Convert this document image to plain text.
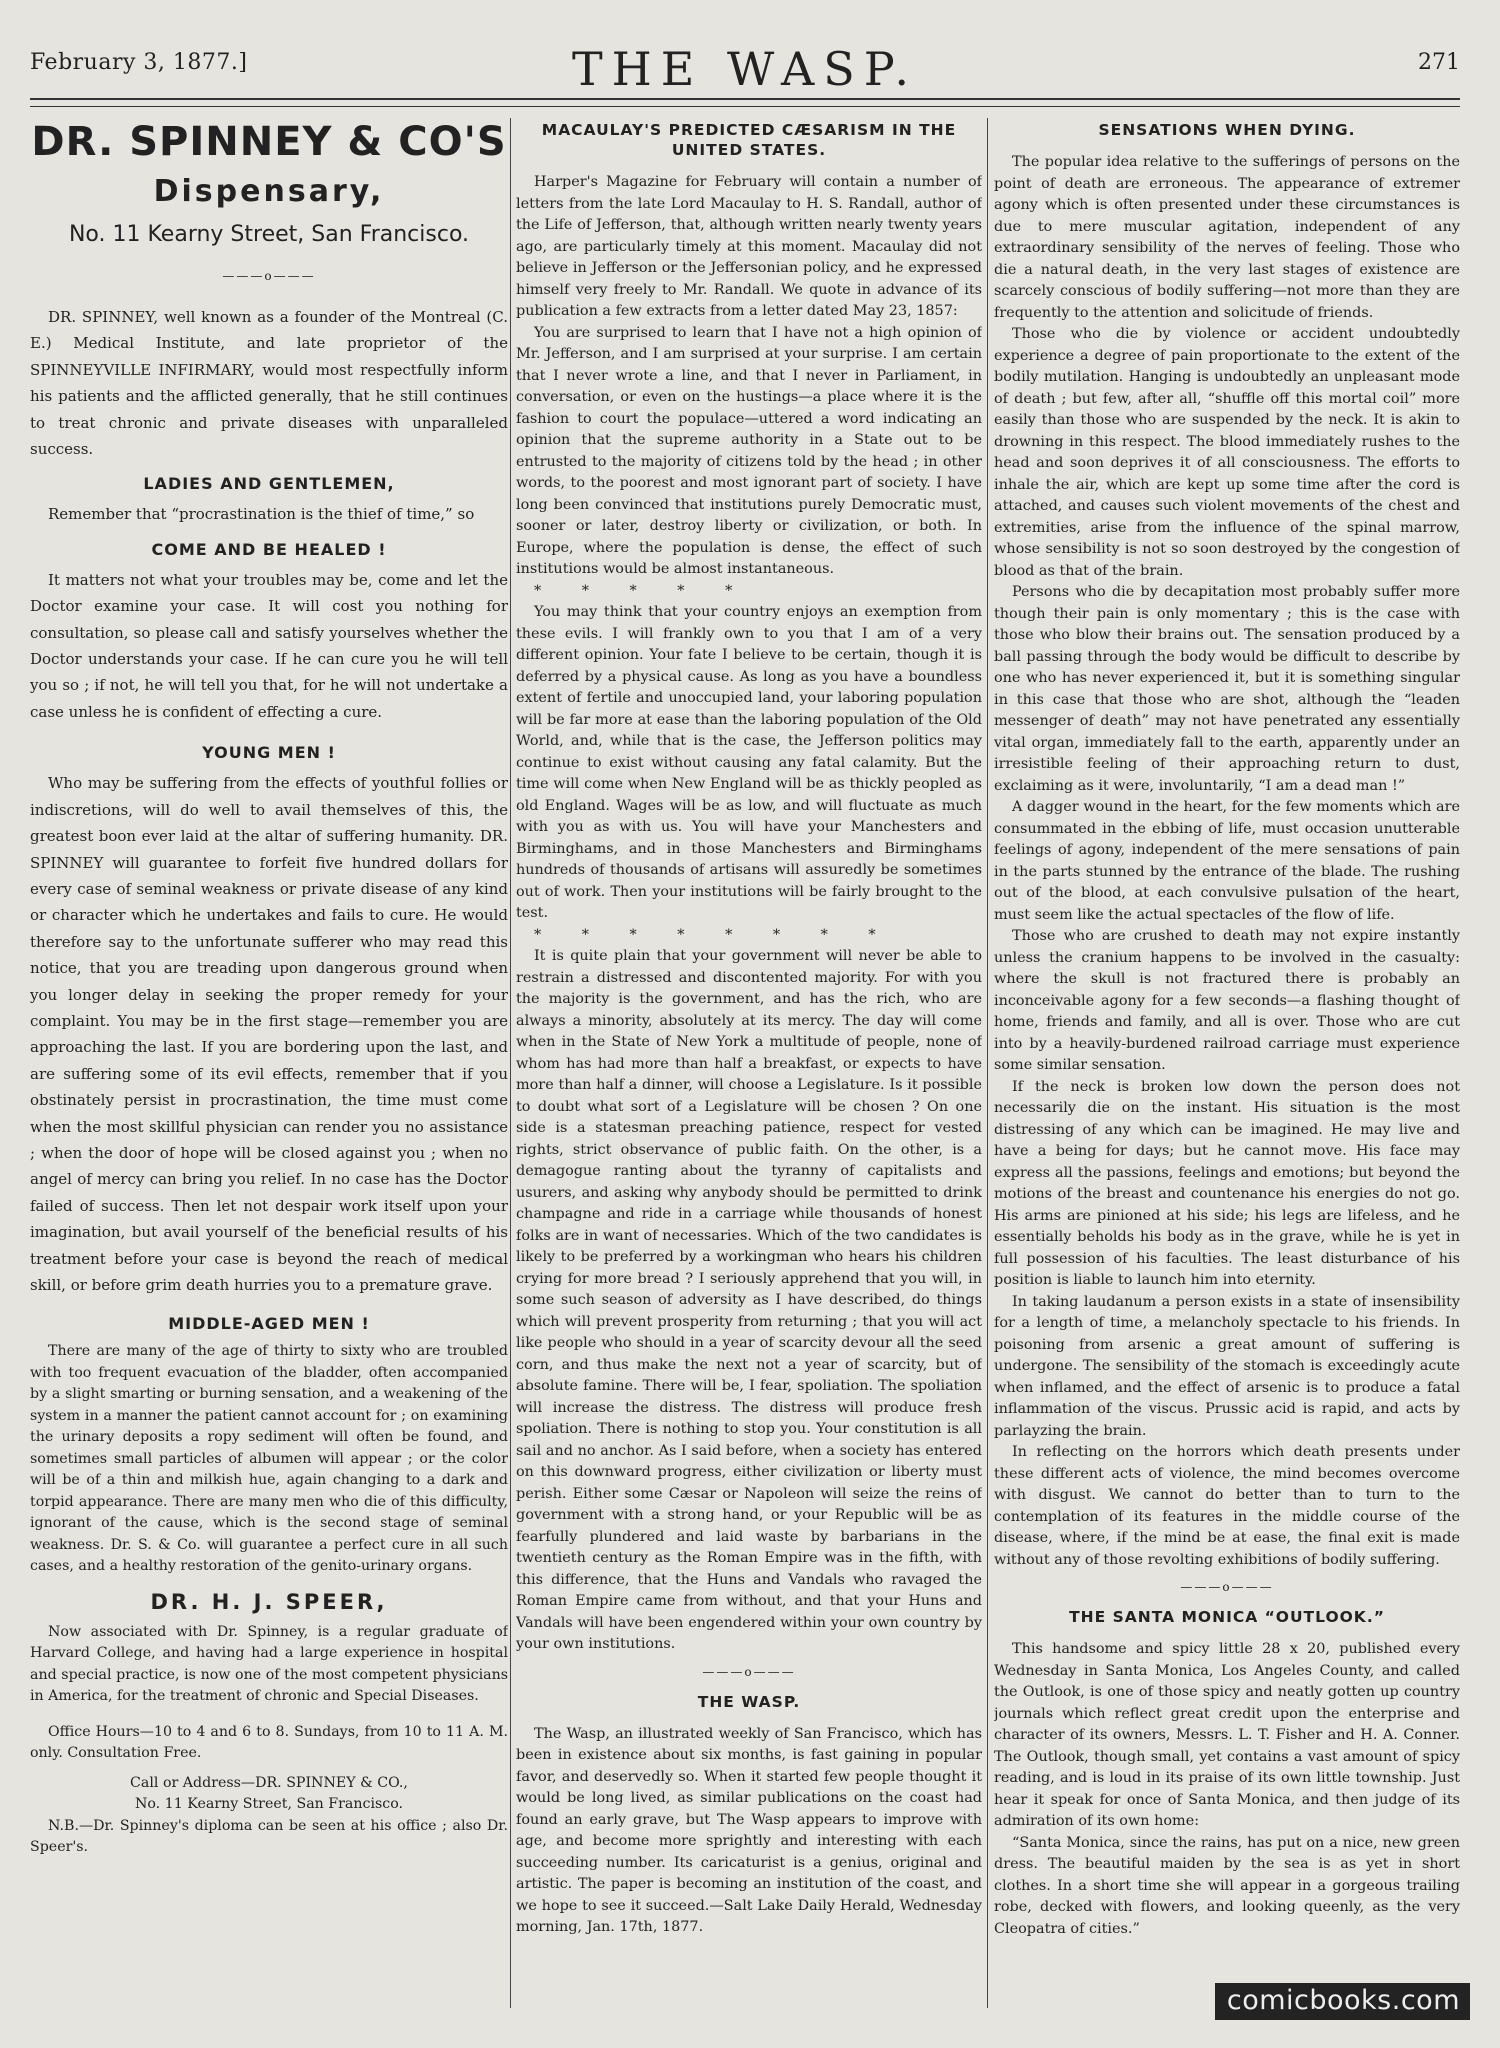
February 3, 1877.]	THE WASP.	271
DR. SPINNEY & CO'S
Dispensary,
No. 11 Kearny Street, San Francisco.
———o———

DR. SPINNEY, well known as a founder of the Montreal (C. E.) Medical Institute, and late proprietor of the SPINNEYVILLE INFIRMARY, would most respectfully inform his patients and the afflicted generally, that he still continues to treat chronic and private diseases with unparalleled success.

LADIES AND GENTLEMEN,

Remember that “procrastination is the thief of time,” so

COME AND BE HEALED !

It matters not what your troubles may be, come and let the Doctor examine your case. It will cost you nothing for consultation, so please call and satisfy yourselves whether the Doctor understands your case. If he can cure you he will tell you so ; if not, he will tell you that, for he will not undertake a case unless he is confident of effecting a cure.

YOUNG MEN !

Who may be suffering from the effects of youthful follies or indiscretions, will do well to avail themselves of this, the greatest boon ever laid at the altar of suffering humanity. DR. SPINNEY will guarantee to forfeit five hundred dollars for every case of seminal weakness or private disease of any kind or character which he undertakes and fails to cure. He would therefore say to the unfortunate sufferer who may read this notice, that you are treading upon dangerous ground when you longer delay in seeking the proper remedy for your complaint. You may be in the first stage—remember you are approaching the last. If you are bordering upon the last, and are suffering some of its evil effects, remember that if you obstinately persist in procrastination, the time must come when the most skillful physician can render you no assistance ; when the door of hope will be closed against you ; when no angel of mercy can bring you relief. In no case has the Doctor failed of success. Then let not despair work itself upon your imagination, but avail yourself of the beneficial results of his treatment before your case is beyond the reach of medical skill, or before grim death hurries you to a premature grave.

MIDDLE-AGED MEN !

There are many of the age of thirty to sixty who are troubled with too frequent evacuation of the bladder, often accompanied by a slight smarting or burning sensation, and a weakening of the system in a manner the patient cannot account for ; on examining the urinary deposits a ropy sediment will often be found, and sometimes small particles of albumen will appear ; or the color will be of a thin and milkish hue, again changing to a dark and torpid appearance. There are many men who die of this difficulty, ignorant of the cause, which is the second stage of seminal weakness. Dr. S. & Co. will guarantee a perfect cure in all such cases, and a healthy restoration of the genito-urinary organs.

DR. H. J. SPEER,

Now associated with Dr. Spinney, is a regular graduate of Harvard College, and having had a large experience in hospital and special practice, is now one of the most competent physicians in America, for the treatment of chronic and Special Diseases.

Office Hours—10 to 4 and 6 to 8. Sundays, from 10 to 11 A. M. only. Consultation Free.

Call or Address—DR. SPINNEY & CO.,

No. 11 Kearny Street, San Francisco.

N.B.—Dr. Spinney's diploma can be seen at his office ; also Dr. Speer's.

MACAULAY'S PREDICTED CÆSARISM IN THE UNITED STATES.

Harper's Magazine for February will contain a number of letters from the late Lord Macaulay to H. S. Randall, author of the Life of Jefferson, that, although written nearly twenty years ago, are particularly timely at this moment. Macaulay did not believe in Jefferson or the Jeffersonian policy, and he expressed himself very freely to Mr. Randall. We quote in advance of its publication a few extracts from a letter dated May 23, 1857:

You are surprised to learn that I have not a high opinion of Mr. Jefferson, and I am surprised at your surprise. I am certain that I never wrote a line, and that I never in Parliament, in conversation, or even on the hustings—a place where it is the fashion to court the populace—uttered a word indicating an opinion that the supreme authority in a State out to be entrusted to the majority of citizens told by the head ; in other words, to the poorest and most ignorant part of society. I have long been convinced that institutions purely Democratic must, sooner or later, destroy liberty or civilization, or both. In Europe, where the population is dense, the effect of such institutions would be almost instantaneous.

* * * * *

You may think that your country enjoys an exemption from these evils. I will frankly own to you that I am of a very different opinion. Your fate I believe to be certain, though it is deferred by a physical cause. As long as you have a boundless extent of fertile and unoccupied land, your laboring population will be far more at ease than the laboring population of the Old World, and, while that is the case, the Jefferson politics may continue to exist without causing any fatal calamity. But the time will come when New England will be as thickly peopled as old England. Wages will be as low, and will fluctuate as much with you as with us. You will have your Manchesters and Birminghams, and in those Manchesters and Birminghams hundreds of thousands of artisans will assuredly be sometimes out of work. Then your institutions will be fairly brought to the test.

* * * * * * * *

It is quite plain that your government will never be able to restrain a distressed and discontented majority. For with you the majority is the government, and has the rich, who are always a minority, absolutely at its mercy. The day will come when in the State of New York a multitude of people, none of whom has had more than half a breakfast, or expects to have more than half a dinner, will choose a Legislature. Is it possible to doubt what sort of a Legislature will be chosen ? On one side is a statesman preaching patience, respect for vested rights, strict observance of public faith. On the other, is a demagogue ranting about the tyranny of capitalists and usurers, and asking why anybody should be permitted to drink champagne and ride in a carriage while thousands of honest folks are in want of necessaries. Which of the two candidates is likely to be preferred by a workingman who hears his children crying for more bread ? I seriously apprehend that you will, in some such season of adversity as I have described, do things which will prevent prosperity from returning ; that you will act like people who should in a year of scarcity devour all the seed corn, and thus make the next not a year of scarcity, but of absolute famine. There will be, I fear, spoliation. The spoliation will increase the distress. The distress will produce fresh spoliation. There is nothing to stop you. Your constitution is all sail and no anchor. As I said before, when a society has entered on this downward progress, either civilization or liberty must perish. Either some Cæsar or Napoleon will seize the reins of government with a strong hand, or your Republic will be as fearfully plundered and laid waste by barbarians in the twentieth century as the Roman Empire was in the fifth, with this difference, that the Huns and Vandals who ravaged the Roman Empire came from without, and that your Huns and Vandals will have been engendered within your own country by your own institutions.

———o———
THE WASP.

The Wasp, an illustrated weekly of San Francisco, which has been in existence about six months, is fast gaining in popular favor, and deservedly so. When it started few people thought it would be long lived, as similar publications on the coast had found an early grave, but The Wasp appears to improve with age, and become more sprightly and interesting with each succeeding number. Its caricaturist is a genius, original and artistic. The paper is becoming an institution of the coast, and we hope to see it succeed.—Salt Lake Daily Herald, Wednesday morning, Jan. 17th, 1877.

SENSATIONS WHEN DYING.

The popular idea relative to the sufferings of persons on the point of death are erroneous. The appearance of extremer agony which is often presented under these circumstances is due to mere muscular agitation, independent of any extraordinary sensibility of the nerves of feeling. Those who die a natural death, in the very last stages of existence are scarcely conscious of bodily suffering—not more than they are frequently to the attention and solicitude of friends.

Those who die by violence or accident undoubtedly experience a degree of pain proportionate to the extent of the bodily mutilation. Hanging is undoubtedly an unpleasant mode of death ; but few, after all, “shuffle off this mortal coil” more easily than those who are suspended by the neck. It is akin to drowning in this respect. The blood immediately rushes to the head and soon deprives it of all consciousness. The efforts to inhale the air, which are kept up some time after the cord is attached, and causes such violent movements of the chest and extremities, arise from the influence of the spinal marrow, whose sensibility is not so soon destroyed by the congestion of blood as that of the brain.

Persons who die by decapitation most probably suffer more though their pain is only momentary ; this is the case with those who blow their brains out. The sensation produced by a ball passing through the body would be difficult to describe by one who has never experienced it, but it is something singular in this case that those who are shot, although the “leaden messenger of death” may not have penetrated any essentially vital organ, immediately fall to the earth, apparently under an irresistible feeling of their approaching return to dust, exclaiming as it were, involuntarily, “I am a dead man !”

A dagger wound in the heart, for the few moments which are consummated in the ebbing of life, must occasion unutterable feelings of agony, independent of the mere sensations of pain in the parts stunned by the entrance of the blade. The rushing out of the blood, at each convulsive pulsation of the heart, must seem like the actual spectacles of the flow of life.

Those who are crushed to death may not expire instantly unless the cranium happens to be involved in the casualty: where the skull is not fractured there is probably an inconceivable agony for a few seconds—a flashing thought of home, friends and family, and all is over. Those who are cut into by a heavily-burdened railroad carriage must experience some similar sensation.

If the neck is broken low down the person does not necessarily die on the instant. His situation is the most distressing of any which can be imagined. He may live and have a being for days; but he cannot move. His face may express all the passions, feelings and emotions; but beyond the motions of the breast and countenance his energies do not go. His arms are pinioned at his side; his legs are lifeless, and he essentially beholds his body as in the grave, while he is yet in full possession of his faculties. The least disturbance of his position is liable to launch him into eternity.

In taking laudanum a person exists in a state of insensibility for a length of time, a melancholy spectacle to his friends. In poisoning from arsenic a great amount of suffering is undergone. The sensibility of the stomach is exceedingly acute when inflamed, and the effect of arsenic is to produce a fatal inflammation of the viscus. Prussic acid is rapid, and acts by parlayzing the brain.

In reflecting on the horrors which death presents under these different acts of violence, the mind becomes overcome with disgust. We cannot do better than to turn to the contemplation of its features in the middle course of the disease, where, if the mind be at ease, the final exit is made without any of those revolting exhibitions of bodily suffering.

———o———
THE SANTA MONICA “OUTLOOK.”

This handsome and spicy little 28 x 20, published every Wednesday in Santa Monica, Los Angeles County, and called the Outlook, is one of those spicy and neatly gotten up country journals which reflect great credit upon the enterprise and character of its owners, Messrs. L. T. Fisher and H. A. Conner. The Outlook, though small, yet contains a vast amount of spicy reading, and is loud in its praise of its own little township. Just hear it speak for once of Santa Monica, and then judge of its admiration of its own home:

“Santa Monica, since the rains, has put on a nice, new green dress. The beautiful maiden by the sea is as yet in short clothes. In a short time she will appear in a gorgeous trailing robe, decked with flowers, and looking queenly, as the very Cleopatra of cities.”

comicbooks.com
